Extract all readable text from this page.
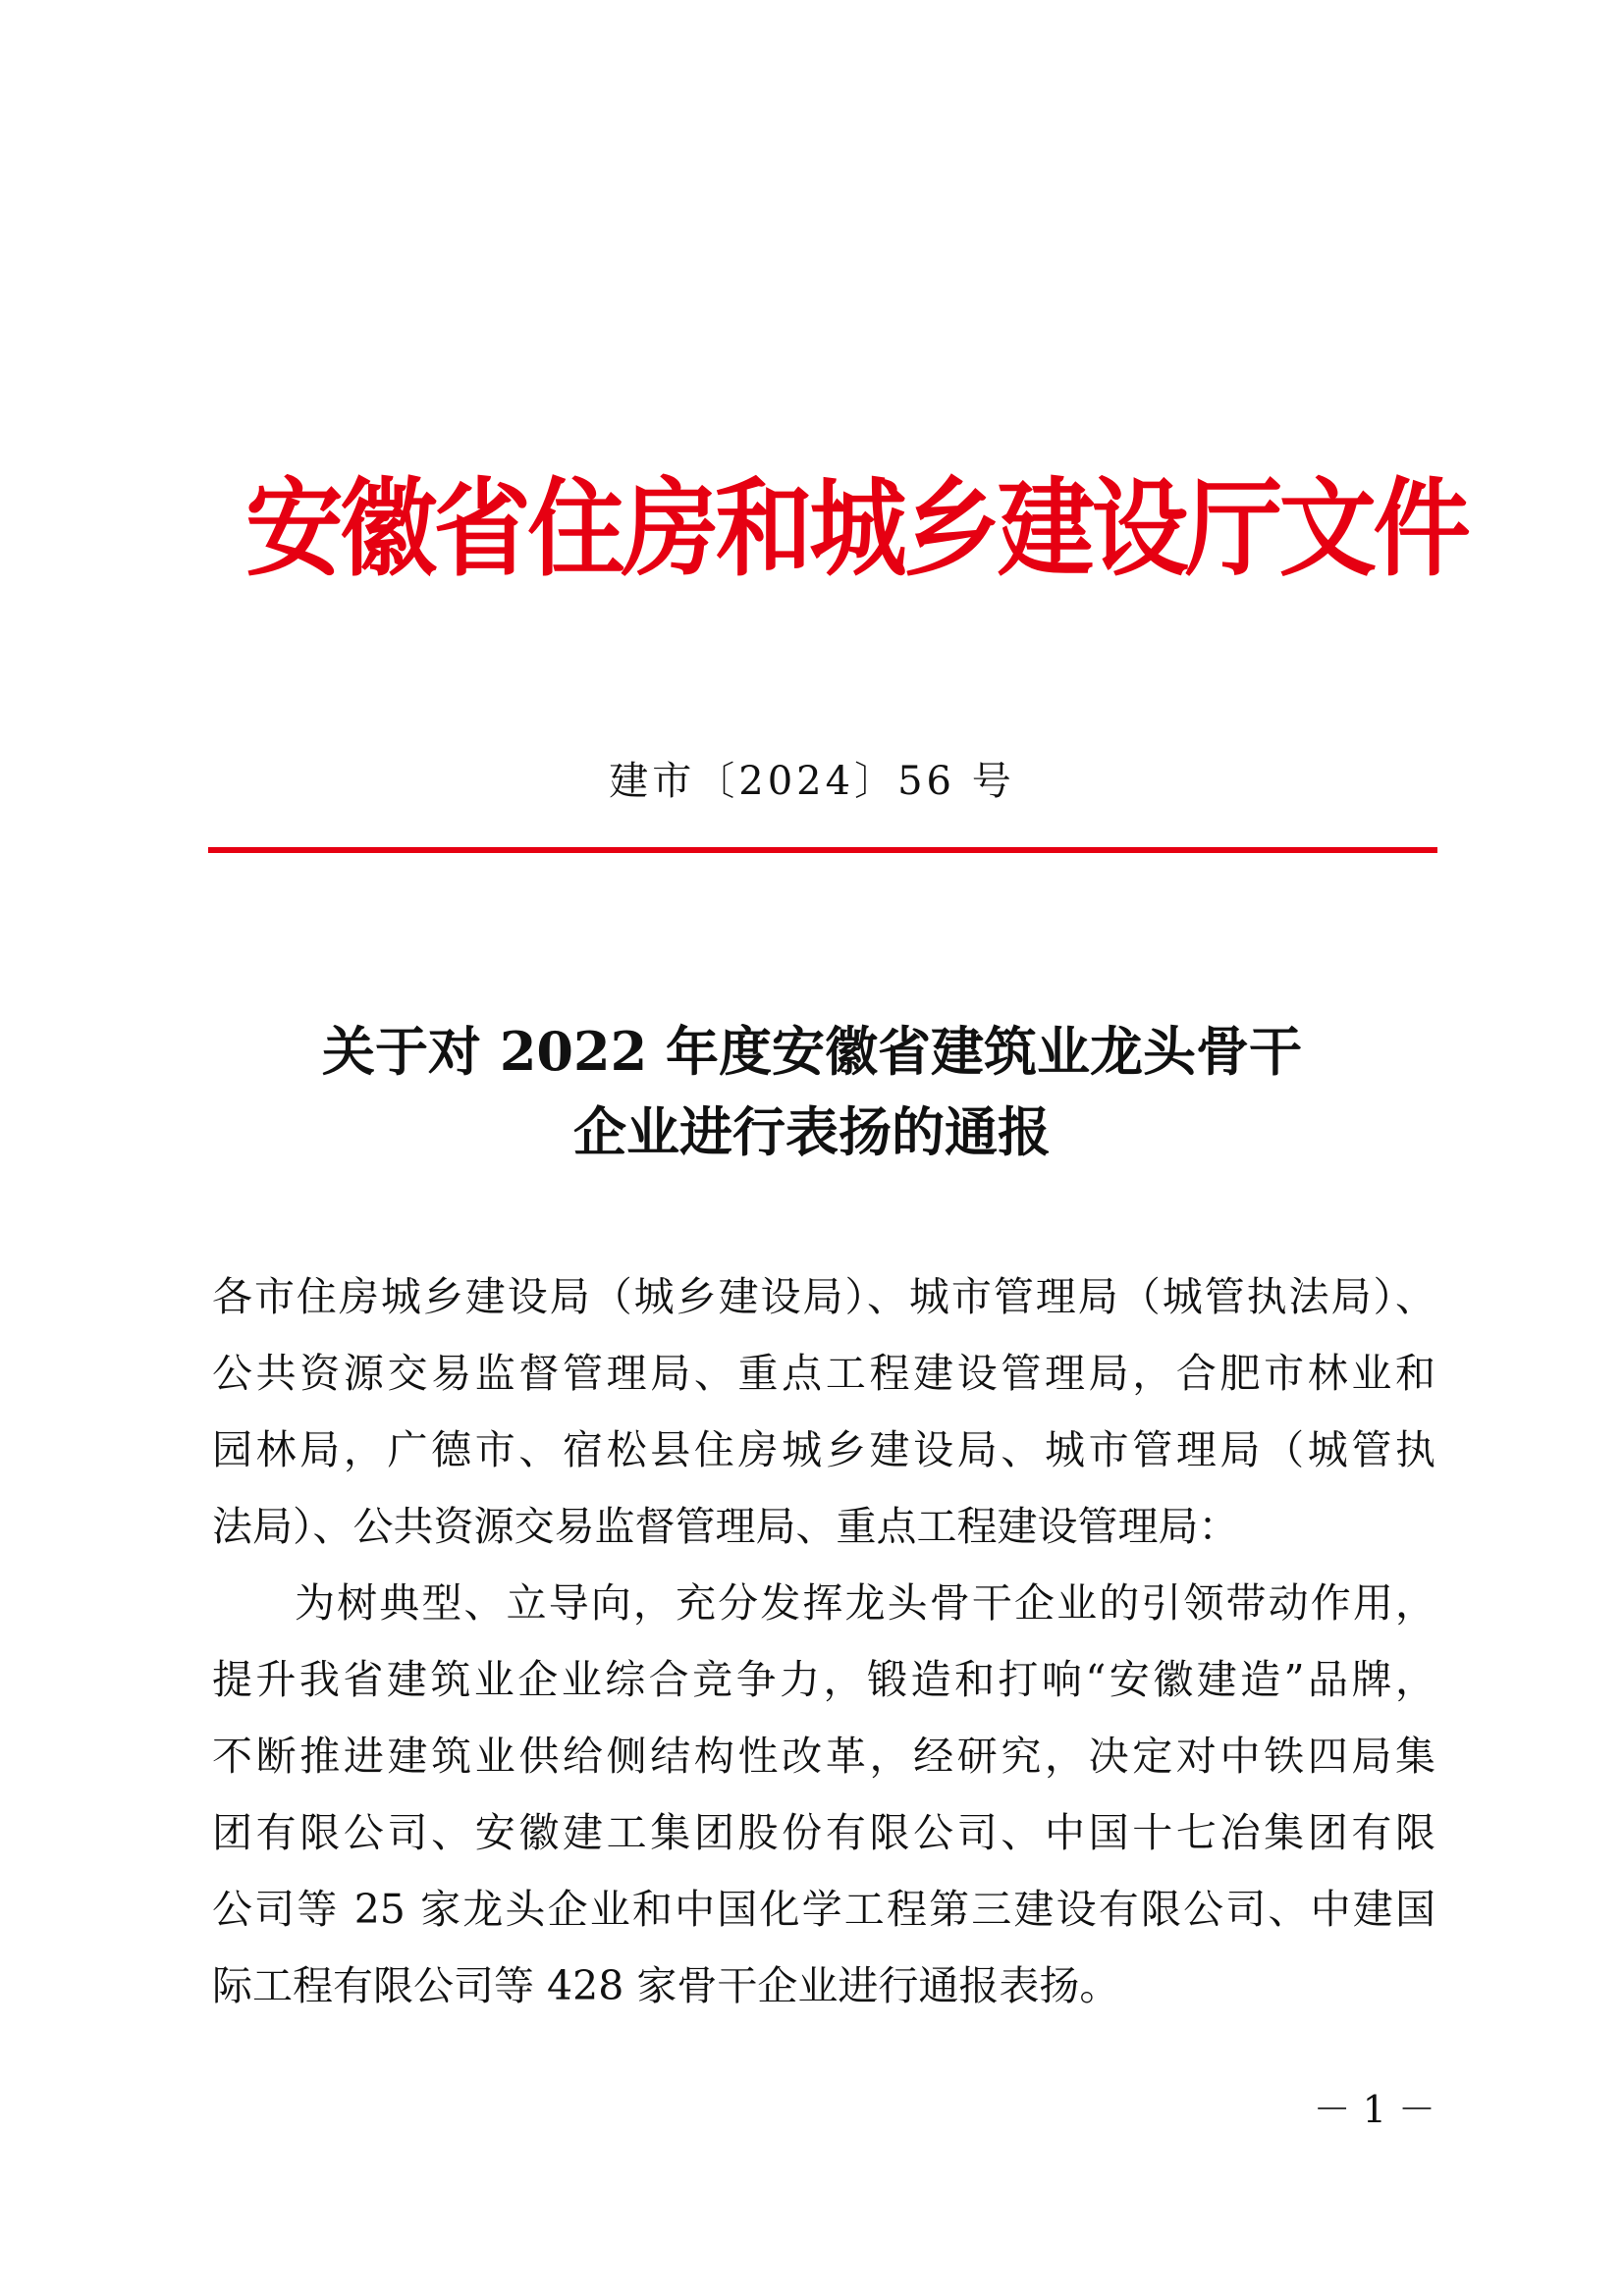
安徽省住房和城乡建设厅文件
建市〔2024〕56 号
关于对 2022 年度安徽省建筑业龙头骨干
企业进行表扬的通报

各市住房城乡建设局（城乡建设局）、城市管理局（城管执法局）、
公共资源交易监督管理局、重点工程建设管理局，合肥市林业和
园林局，广德市、宿松县住房城乡建设局、城市管理局（城管执
法局）、公共资源交易监督管理局、重点工程建设管理局：

为树典型、立导向，充分发挥龙头骨干企业的引领带动作用，
提升我省建筑业企业综合竞争力，锻造和打响“安徽建造”品牌，
不断推进建筑业供给侧结构性改革，经研究，决定对中铁四局集
团有限公司、安徽建工集团股份有限公司、中国十七冶集团有限
公司等 25 家龙头企业和中国化学工程第三建设有限公司、中建国
际工程有限公司等 428 家骨干企业进行通报表扬。

－ 1 －
